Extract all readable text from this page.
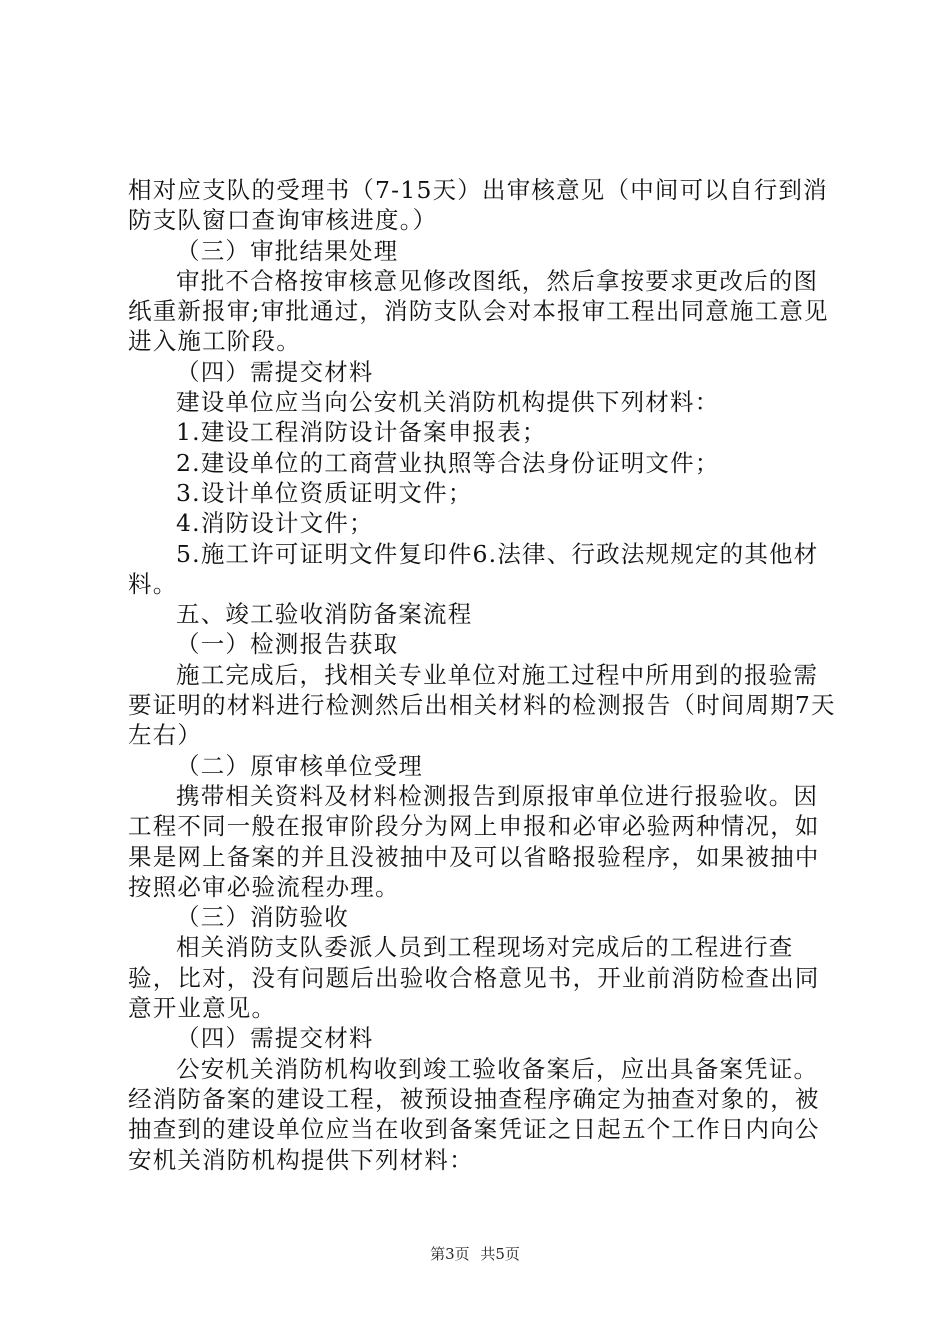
相对应支队的受理书（7-15天）出审核意见（中间可以自行到消防支队窗口查询审核进度。）

（三）审批结果处理

审批不合格按审核意见修改图纸，然后拿按要求更改后的图纸重新报审;审批通过，消防支队会对本报审工程出同意施工意见进入施工阶段。

（四）需提交材料

建设单位应当向公安机关消防机构提供下列材料：

1.建设工程消防设计备案申报表；

2.建设单位的工商营业执照等合法身份证明文件；

3.设计单位资质证明文件；

4.消防设计文件；

5.施工许可证明文件复印件6.法律、行政法规规定的其他材料。

五、竣工验收消防备案流程

（一）检测报告获取

施工完成后，找相关专业单位对施工过程中所用到的报验需要证明的材料进行检测然后出相关材料的检测报告（时间周期7天左右）

（二）原审核单位受理

携带相关资料及材料检测报告到原报审单位进行报验收。因工程不同一般在报审阶段分为网上申报和必审必验两种情况，如果是网上备案的并且没被抽中及可以省略报验程序，如果被抽中按照必审必验流程办理。

（三）消防验收

相关消防支队委派人员到工程现场对完成后的工程进行查验，比对，没有问题后出验收合格意见书，开业前消防检查出同意开业意见。

（四）需提交材料

公安机关消防机构收到竣工验收备案后，应出具备案凭证。经消防备案的建设工程，被预设抽查程序确定为抽查对象的，被抽查到的建设单位应当在收到备案凭证之日起五个工作日内向公安机关消防机构提供下列材料：

第3页 共5页
